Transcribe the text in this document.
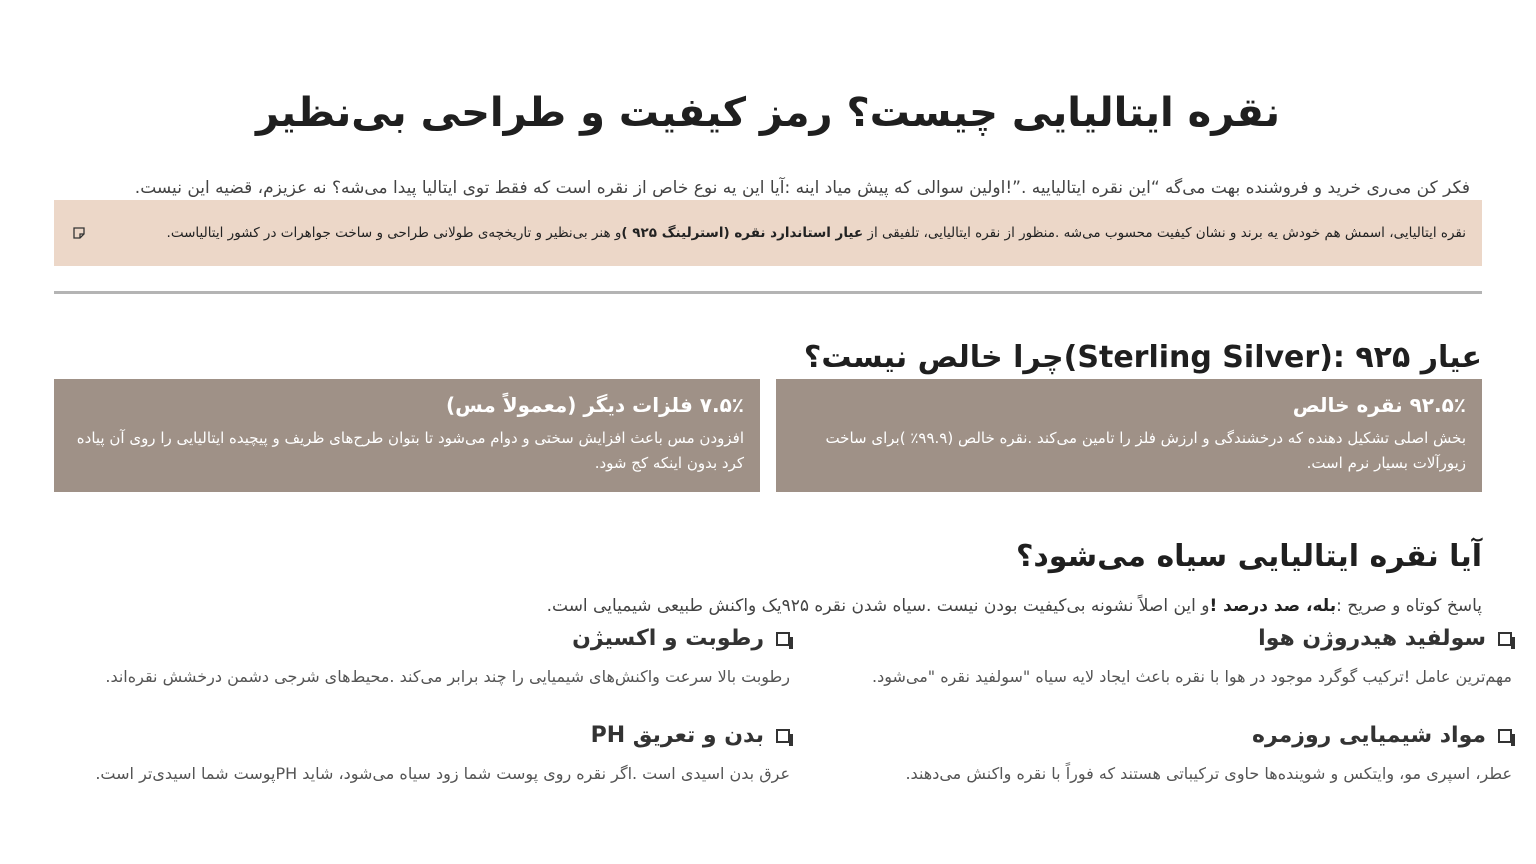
نقره ایتالیایی چیست؟ رمز کیفیت و طراحی بی‌نظیر

فکر کن می‌ری خرید و فروشنده بهت می‌گه “این نقره ایتالیاییه .”!اولین سوالی که پیش میاد اینه :آیا این یه نوع خاص از نقره است که فقط توی ایتالیا پیدا می‌شه؟ نه عزیزم، قضیه این نیست.

نقره ایتالیایی، اسمش هم خودش یه برند و نشان کیفیت محسوب می‌شه .منظور از نقره ایتالیایی، تلفیقی از عیار استاندارد نقره (استرلینگ ۹۲۵ )و هنر بی‌نظیر و تاریخچه‌ی طولانی طراحی و ساخت جواهرات در کشور ایتالیاست.
عیار ۹۲۵ :(Sterling Silver)چرا خالص نیست؟
۹۲.۵٪ نقره خالص
بخش اصلی تشکیل دهنده که درخشندگی و ارزش فلز را تامین می‌کند .نقره خالص (۹۹.۹٪ )برای ساخت زیورآلات بسیار نرم است.
۷.۵٪ فلزات دیگر (معمولاً مس)
افزودن مس باعث افزایش سختی و دوام می‌شود تا بتوان طرح‌های ظریف و پیچیده ایتالیایی را روی آن پیاده کرد بدون اینکه کج شود.
آیا نقره ایتالیایی سیاه می‌شود؟

پاسخ کوتاه و صریح :بله، صد درصد !و این اصلاً نشونه بی‌کیفیت بودن نیست .سیاه شدن نقره ۹۲۵یک واکنش طبیعی شیمیایی است.

سولفید هیدروژن هوا
مهم‌ترین عامل !ترکیب گوگرد موجود در هوا با نقره باعث ایجاد لایه سیاه "سولفید نقره "می‌شود.
رطوبت و اکسیژن
رطوبت بالا سرعت واکنش‌های شیمیایی را چند برابر می‌کند .محیط‌های شرجی دشمن درخشش نقره‌اند.
مواد شیمیایی روزمره
عطر، اسپری مو، وایتکس و شوینده‌ها حاوی ترکیباتی هستند که فوراً با نقره واکنش می‌دهند.
بدن و تعریق PH
عرق بدن اسیدی است .اگر نقره روی پوست شما زود سیاه می‌شود، شاید PHپوست شما اسیدی‌تر است.
